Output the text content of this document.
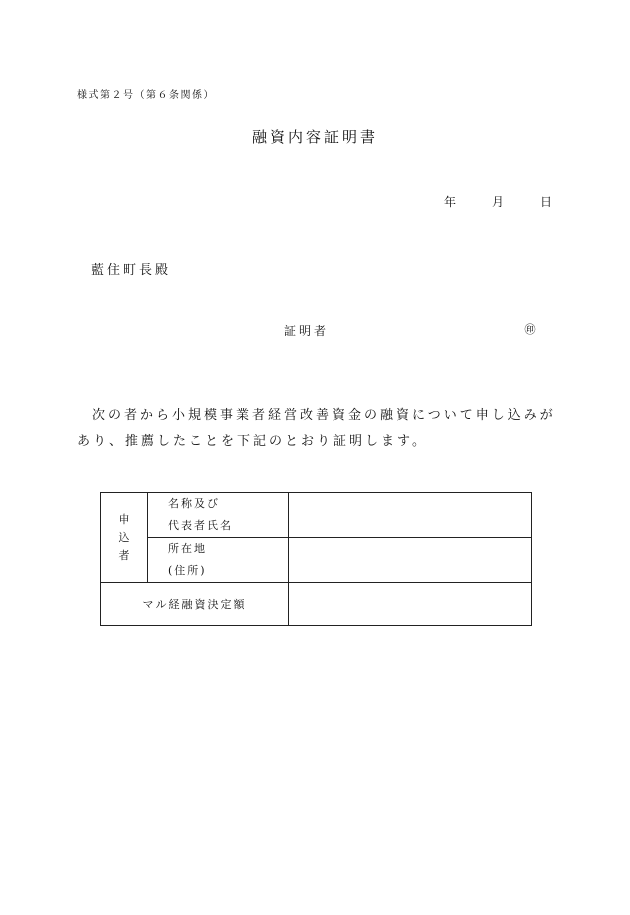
様式第２号（第６条関係）
融資内容証明書
年	月	日
藍住町長殿
証明者	㊞
次の者から小規模事業者経営改善資金の融資について申し込みがあり、推薦したことを下記のとおり証明します。
申込者	名称及び
代表者氏名	

	所在地
(住所)	

マル経融資決定額		
